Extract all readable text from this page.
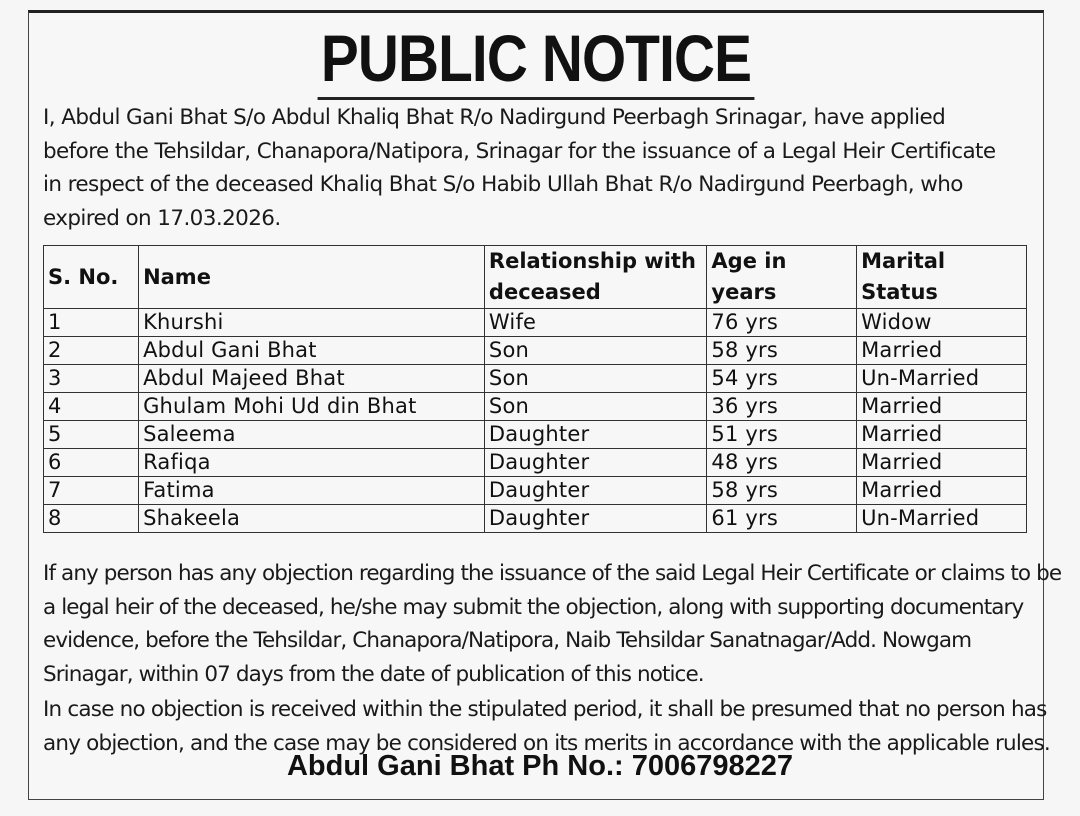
PUBLIC NOTICE

I, Abdul Gani Bhat S/o Abdul Khaliq Bhat R/o Nadirgund Peerbagh Srinagar, have applied
before the Tehsildar, Chanapora/Natipora, Srinagar for the issuance of a Legal Heir Certificate
in respect of the deceased Khaliq Bhat S/o Habib Ullah Bhat R/o Nadirgund Peerbagh, who
expired on 17.03.2026.

S. No.	Name	Relationship with deceased	Age in years	Marital Status
1	Khurshi	Wife	76 yrs	Widow
2	Abdul Gani Bhat	Son	58 yrs	Married
3	Abdul Majeed Bhat	Son	54 yrs	Un-Married
4	Ghulam Mohi Ud din Bhat	Son	36 yrs	Married
5	Saleema	Daughter	51 yrs	Married
6	Rafiqa	Daughter	48 yrs	Married
7	Fatima	Daughter	58 yrs	Married
8	Shakeela	Daughter	61 yrs	Un-Married

If any person has any objection regarding the issuance of the said Legal Heir Certificate or claims to be
a legal heir of the deceased, he/she may submit the objection, along with supporting documentary
evidence, before the Tehsildar, Chanapora/Natipora, Naib Tehsildar Sanatnagar/Add. Nowgam
Srinagar, within 07 days from the date of publication of this notice.

In case no objection is received within the stipulated period, it shall be presumed that no person has
any objection, and the case may be considered on its merits in accordance with the applicable rules.

Abdul Gani Bhat Ph No.: 7006798227
